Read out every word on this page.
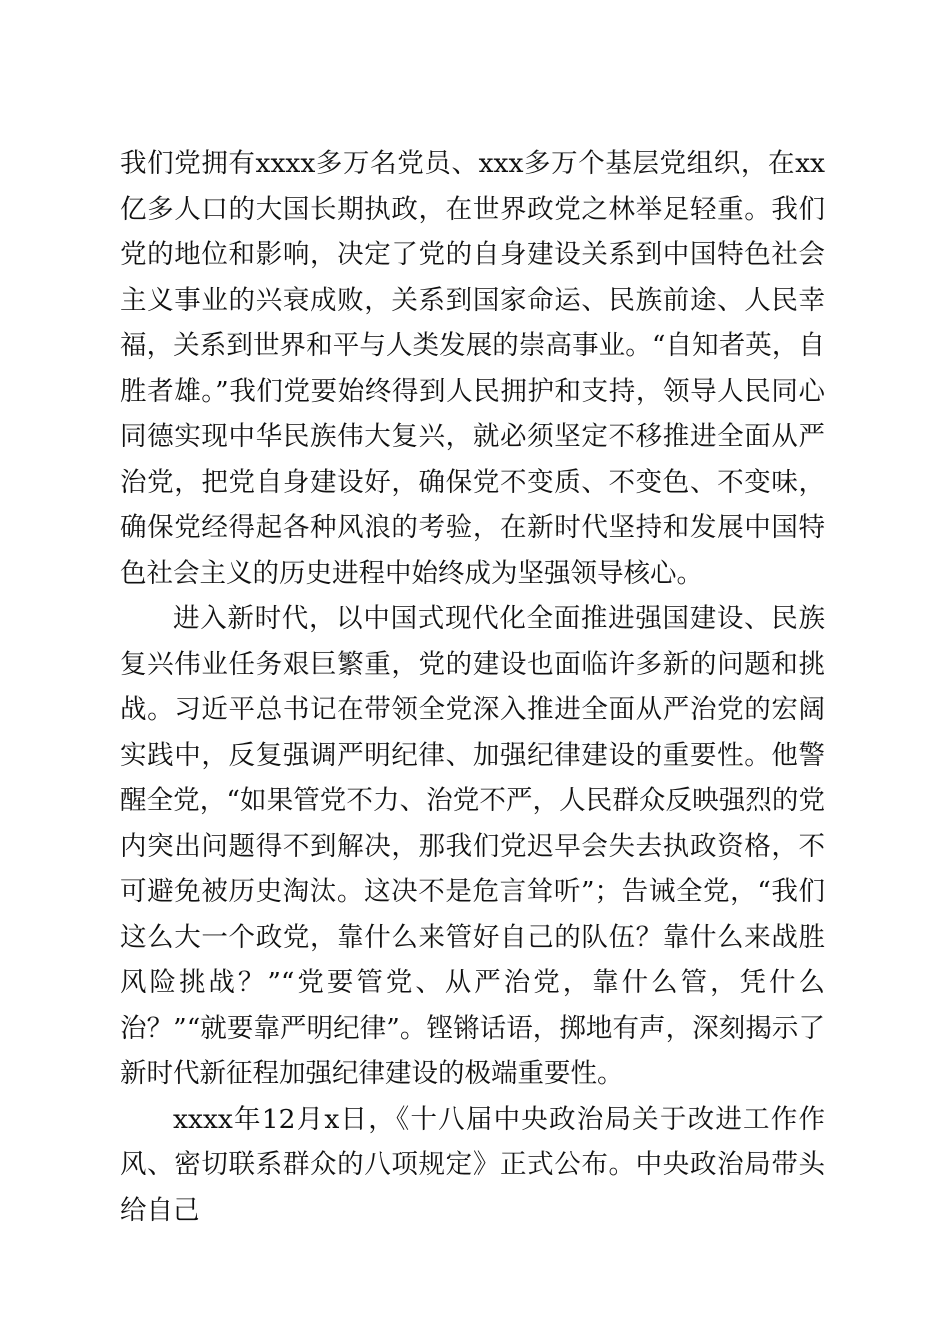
我们党拥有xxxx多万名党员、xxx多万个基层党组织，在xx亿多人口的大国长期执政，在世界政党之林举足轻重。我们党的地位和影响，决定了党的自身建设关系到中国特色社会主义事业的兴衰成败，关系到国家命运、民族前途、人民幸福，关系到世界和平与人类发展的崇高事业。“自知者英，自胜者雄。”我们党要始终得到人民拥护和支持，领导人民同心同德实现中华民族伟大复兴，就必须坚定不移推进全面从严治党，把党自身建设好，确保党不变质、不变色、不变味，确保党经得起各种风浪的考验，在新时代坚持和发展中国特色社会主义的历史进程中始终成为坚强领导核心。

进入新时代，以中国式现代化全面推进强国建设、民族复兴伟业任务艰巨繁重，党的建设也面临许多新的问题和挑战。习近平总书记在带领全党深入推进全面从严治党的宏阔实践中，反复强调严明纪律、加强纪律建设的重要性。他警醒全党，“如果管党不力、治党不严，人民群众反映强烈的党内突出问题得不到解决，那我们党迟早会失去执政资格，不可避免被历史淘汰。这决不是危言耸听”；告诫全党，“我们这么大一个政党，靠什么来管好自己的队伍？靠什么来战胜风险挑战？”“党要管党、从严治党，靠什么管，凭什么治？”“就要靠严明纪律”。铿锵话语，掷地有声，深刻揭示了新时代新征程加强纪律建设的极端重要性。

xxxx年12月x日，《十八届中央政治局关于改进工作作风、密切联系群众的八项规定》正式公布。中央政治局带头给自己
